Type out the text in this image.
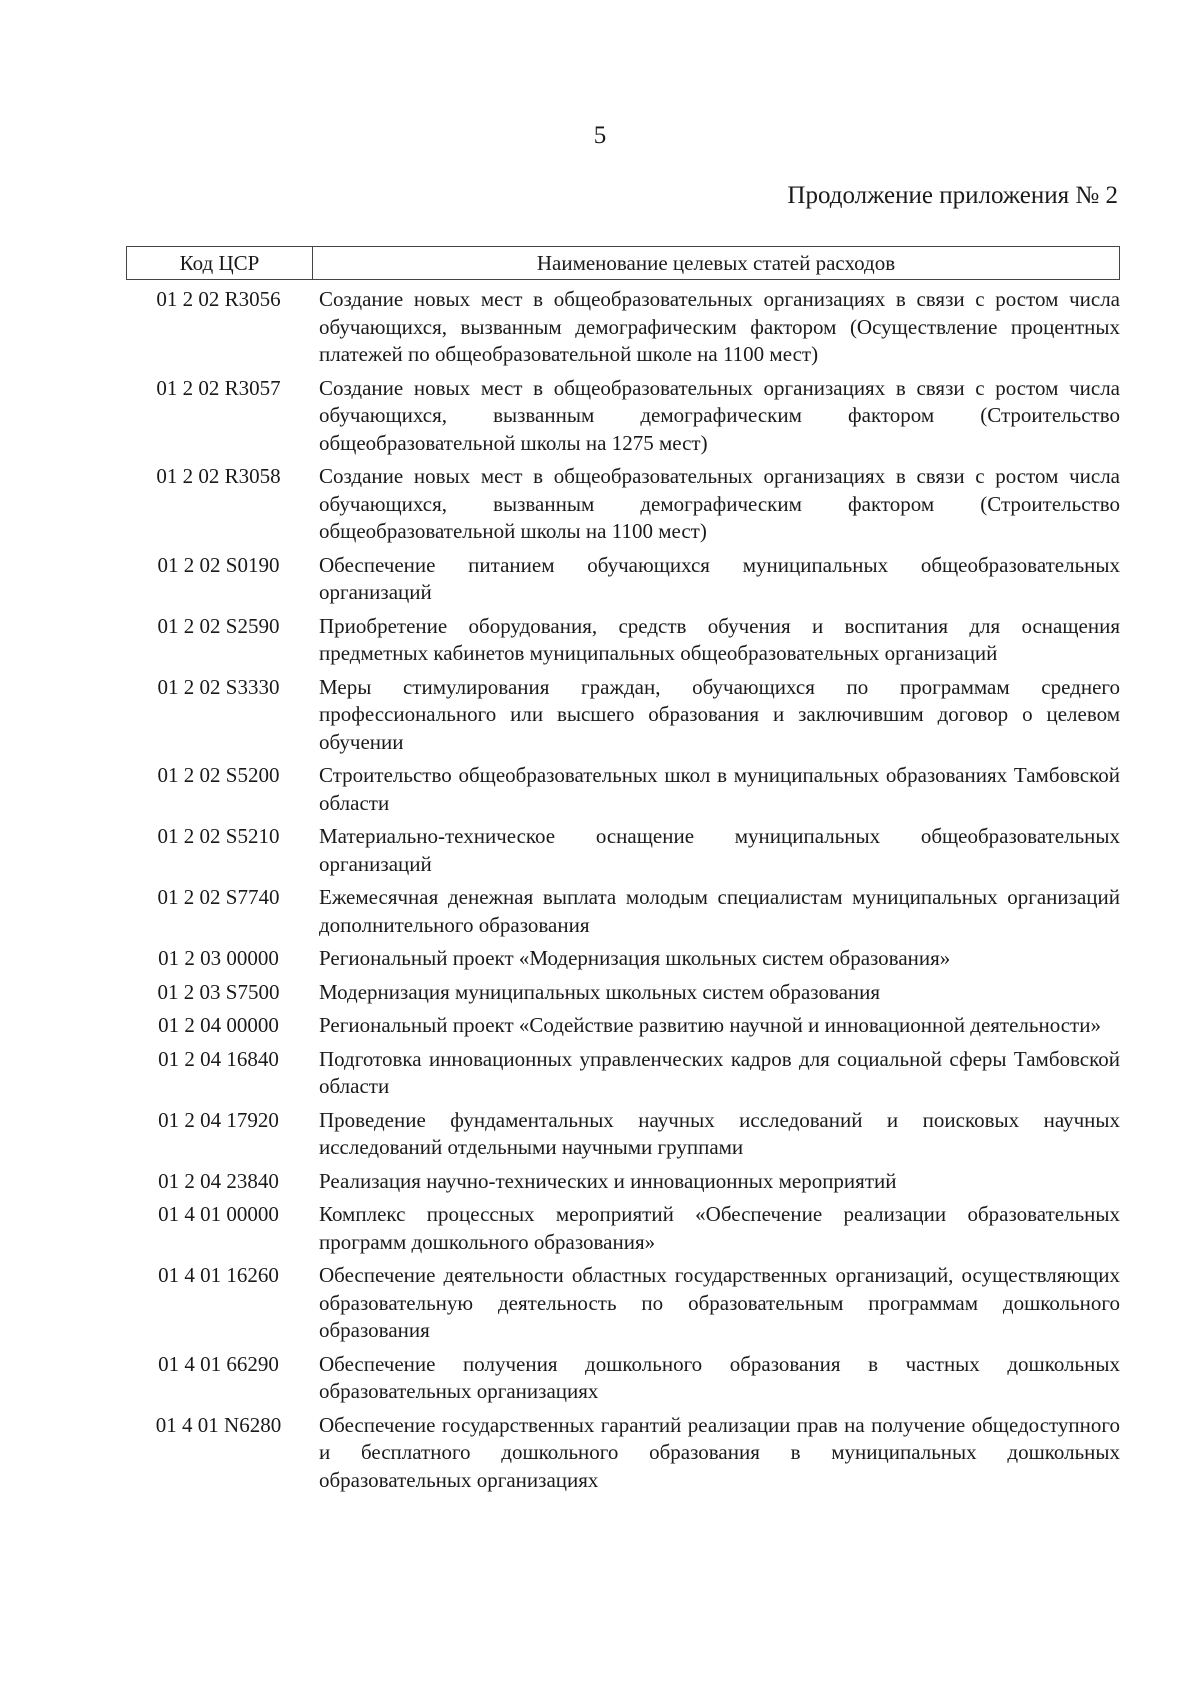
5
Продолжение приложения № 2
Код ЦСР	Наименование целевых статей расходов
01 2 02 R3056	Создание новых мест в общеобразовательных организациях в связи с ростом числа обучающихся, вызванным демографическим фактором (Осуществление процентных платежей по общеобразовательной школе на 1100 мест)
01 2 02 R3057	Создание новых мест в общеобразовательных организациях в связи с ростом числа обучающихся, вызванным демографическим фактором (Строительство общеобразовательной школы на 1275 мест)
01 2 02 R3058	Создание новых мест в общеобразовательных организациях в связи с ростом числа обучающихся, вызванным демографическим фактором (Строительство общеобразовательной школы на 1100 мест)
01 2 02 S0190	Обеспечение питанием обучающихся муниципальных общеобразовательных организаций
01 2 02 S2590	Приобретение оборудования, средств обучения и воспитания для оснащения предметных кабинетов муниципальных общеобразовательных организаций
01 2 02 S3330	Меры стимулирования граждан, обучающихся по программам среднего профессионального или высшего образования и заключившим договор о целевом обучении
01 2 02 S5200	Строительство общеобразовательных школ в муниципальных образованиях Тамбовской области
01 2 02 S5210	Материально-техническое оснащение муниципальных общеобразовательных организаций
01 2 02 S7740	Ежемесячная денежная выплата молодым специалистам муниципальных организаций дополнительного образования
01 2 03 00000	Региональный проект «Модернизация школьных систем образования»
01 2 03 S7500	Модернизация муниципальных школьных систем образования
01 2 04 00000	Региональный проект «Содействие развитию научной и инновационной деятельности»
01 2 04 16840	Подготовка инновационных управленческих кадров для социальной сферы Тамбовской области
01 2 04 17920	Проведение фундаментальных научных исследований и поисковых научных исследований отдельными научными группами
01 2 04 23840	Реализация научно-технических и инновационных мероприятий
01 4 01 00000	Комплекс процессных мероприятий «Обеспечение реализации образовательных программ дошкольного образования»
01 4 01 16260	Обеспечение деятельности областных государственных организаций, осуществляющих образовательную деятельность по образовательным программам дошкольного образования
01 4 01 66290	Обеспечение получения дошкольного образования в частных дошкольных образовательных организациях
01 4 01 N6280	Обеспечение государственных гарантий реализации прав на получение общедоступного и бесплатного дошкольного образования в муниципальных дошкольных образовательных организациях
